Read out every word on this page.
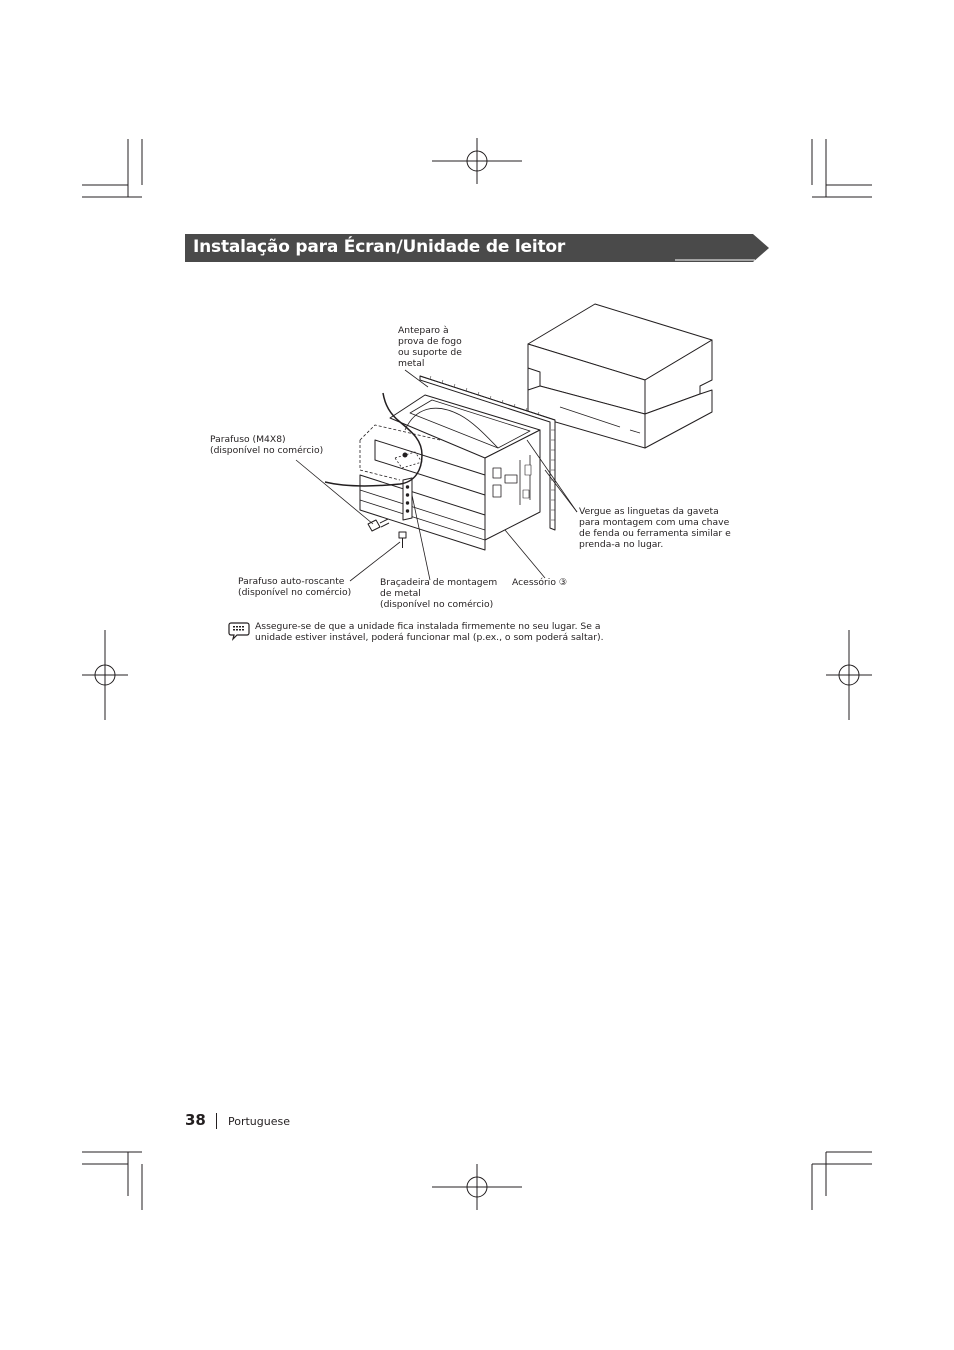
Instalação para Écran/Unidade de leitor
Anteparo à
prova de fogo
ou suporte de
metal
Parafuso (M4X8)
(disponível no comércio)
Vergue as linguetas da gaveta
para montagem com uma chave
de fenda ou ferramenta similar e
prenda-a no lugar.
Parafuso auto-roscante
(disponível no comércio)
Braçadeira de montagem
de metal
(disponível no comércio)
Acessório ③
Assegure-se de que a unidade fica instalada firmemente no seu lugar. Se a
unidade estiver instável, poderá funcionar mal (p.ex., o som poderá saltar).
38 Portuguese
